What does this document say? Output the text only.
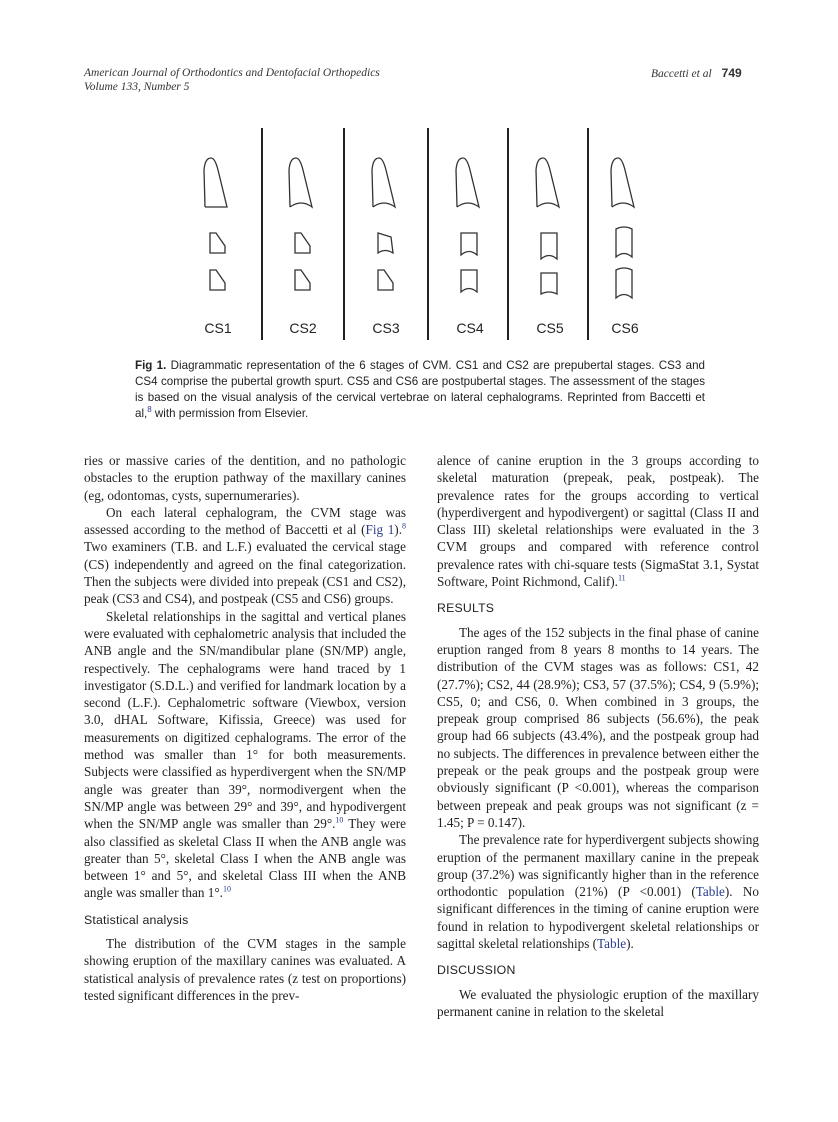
American Journal of Orthodontics and Dentofacial Orthopedics
Volume 133, Number 5
Baccetti et al 749
CS1	CS2	CS3	CS4	CS5	CS6
Fig 1. Diagrammatic representation of the 6 stages of CVM. CS1 and CS2 are prepubertal stages. CS3 and CS4 comprise the pubertal growth spurt. CS5 and CS6 are postpubertal stages. The assessment of the stages is based on the visual analysis of the cervical vertebrae on lateral cephalograms. Reprinted from Baccetti et al,$^8$ with permission from Elsevier.

ries or massive caries of the dentition, and no pathologic obstacles to the eruption pathway of the maxillary canines (eg, odontomas, cysts, supernumeraries).

On each lateral cephalogram, the CVM stage was assessed according to the method of Baccetti et al (Fig 1).$^8$ Two examiners (T.B. and L.F.) evaluated the cervical stage (CS) independently and agreed on the final categorization. Then the subjects were divided into prepeak (CS1 and CS2), peak (CS3 and CS4), and postpeak (CS5 and CS6) groups.

Skeletal relationships in the sagittal and vertical planes were evaluated with cephalometric analysis that included the ANB angle and the SN/mandibular plane (SN/MP) angle, respectively. The cephalograms were hand traced by 1 investigator (S.D.L.) and verified for landmark location by a second (L.F.). Cephalometric software (Viewbox, version 3.0, dHAL Software, Kifissia, Greece) was used for measurements on digitized cephalograms. The error of the method was smaller than 1° for both measurements. Subjects were classified as hyperdivergent when the SN/MP angle was greater than 39°, normodivergent when the SN/MP angle was between 29° and 39°, and hypodivergent when the SN/MP angle was smaller than 29°.$^{10}$ They were also classified as skeletal Class II when the ANB angle was greater than 5°, skeletal Class I when the ANB angle was between 1° and 5°, and skeletal Class III when the ANB angle was smaller than 1°.$^{10}$

Statistical analysis

The distribution of the CVM stages in the sample showing eruption of the maxillary canines was evaluated. A statistical analysis of prevalence rates (z test on proportions) tested significant differences in the prev-

alence of canine eruption in the 3 groups according to skeletal maturation (prepeak, peak, postpeak). The prevalence rates for the groups according to vertical (hyperdivergent and hypodivergent) or sagittal (Class II and Class III) skeletal relationships were evaluated in the 3 CVM groups and compared with reference control prevalence rates with chi-square tests (SigmaStat 3.1, Systat Software, Point Richmond, Calif).$^{11}$

RESULTS

The ages of the 152 subjects in the final phase of canine eruption ranged from 8 years 8 months to 14 years. The distribution of the CVM stages was as follows: CS1, 42 (27.7%); CS2, 44 (28.9%); CS3, 57 (37.5%); CS4, 9 (5.9%); CS5, 0; and CS6, 0. When combined in 3 groups, the prepeak group comprised 86 subjects (56.6%), the peak group had 66 subjects (43.4%), and the postpeak group had no subjects. The differences in prevalence between either the prepeak or the peak groups and the postpeak group were obviously significant (P <0.001), whereas the comparison between prepeak and peak groups was not significant (z = 1.45; P = 0.147).

The prevalence rate for hyperdivergent subjects showing eruption of the permanent maxillary canine in the prepeak group (37.2%) was significantly higher than in the reference orthodontic population (21%) (P <0.001) (Table). No significant differences in the timing of canine eruption were found in relation to hypodivergent skeletal relationships or sagittal skeletal relationships (Table).

DISCUSSION

We evaluated the physiologic eruption of the maxillary permanent canine in relation to the skeletal
